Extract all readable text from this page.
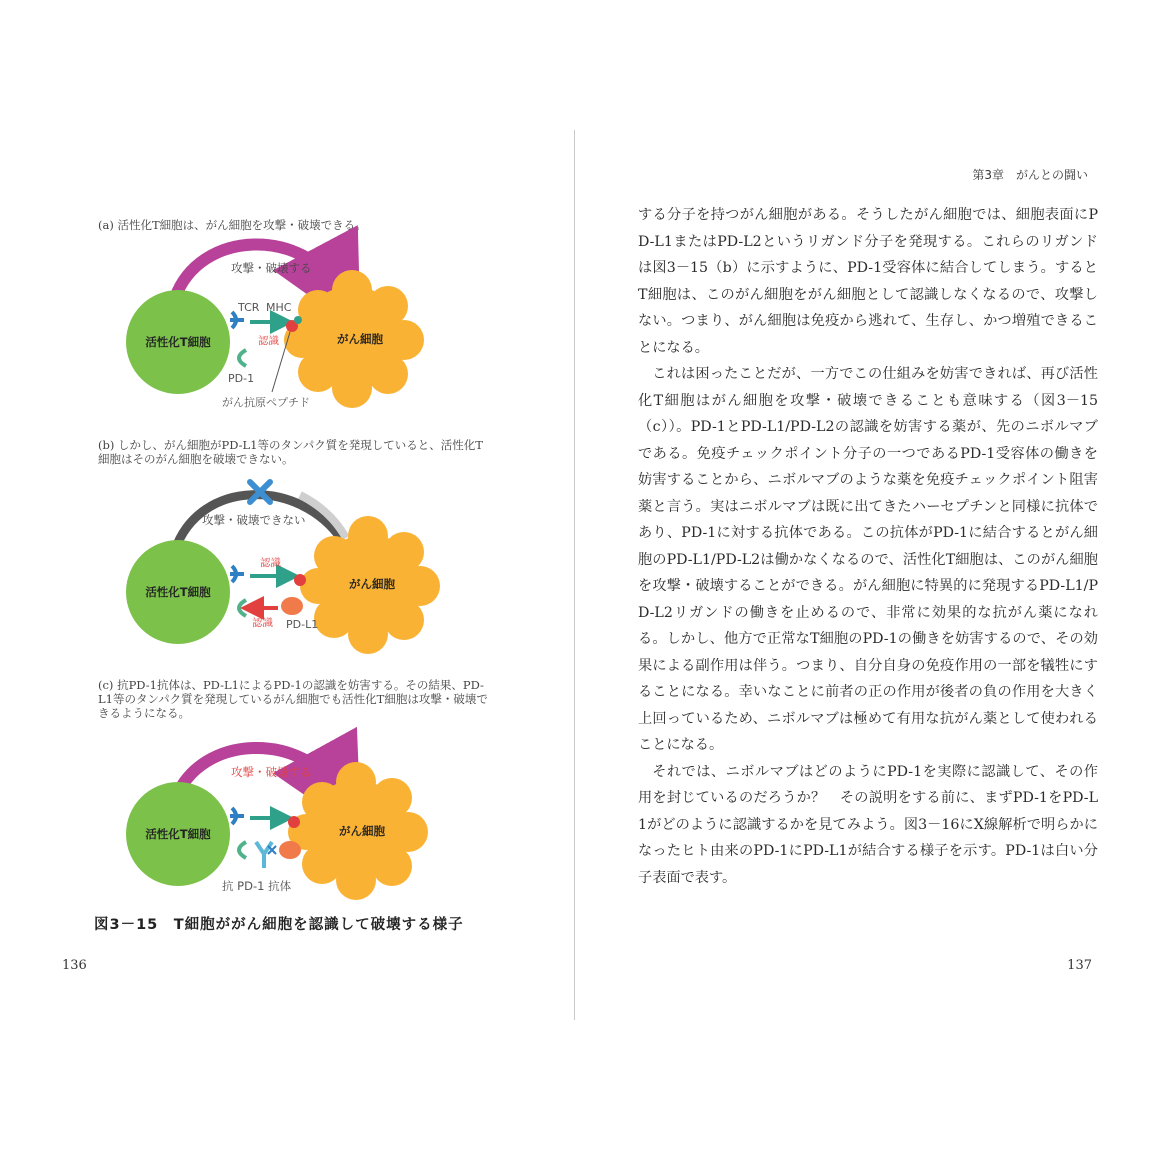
(a) 活性化T細胞は、がん細胞を攻撃・破壊できる。
(b) しかし、がん細胞がPD-L1等のタンパク質を発現していると、活性化T細胞はそのがん細胞を破壊できない。
(c) 抗PD-1抗体は、PD-L1によるPD-1の認識を妨害する。その結果、PD-L1等のタンパク質を発現しているがん細胞でも活性化T細胞は攻撃・破壊できるようになる。
攻撃・破壊する
活性化T細胞	がん細胞
TCR MHC
認識
PD-1
がん抗原ペプチド
攻撃・破壊できない
活性化T細胞
がん細胞
認識
認識 PD-L1
攻撃・破壊する
活性化T細胞	がん細胞
抗 PD-1 抗体
図3－15　T細胞ががん細胞を認識して破壊する様子
136
第3章　がんとの闘い

する分子を持つがん細胞がある。そうしたがん細胞では、細胞表面にPD-L1またはPD-L2というリガンド分子を発現する。これらのリガンドは図3－15（b）に示すように、PD-1受容体に結合してしまう。するとT細胞は、このがん細胞をがん細胞として認識しなくなるので、攻撃しない。つまり、がん細胞は免疫から逃れて、生存し、かつ増殖できることになる。

これは困ったことだが、一方でこの仕組みを妨害できれば、再び活性化T細胞はがん細胞を攻撃・破壊できることも意味する（図3－15（c））。PD-1とPD-L1/PD-L2の認識を妨害する薬が、先のニボルマブである。免疫チェックポイント分子の一つであるPD-1受容体の働きを妨害することから、ニボルマブのような薬を免疫チェックポイント阻害薬と言う。実はニボルマブは既に出てきたハーセプチンと同様に抗体であり、PD-1に対する抗体である。この抗体がPD-1に結合するとがん細胞のPD-L1/PD-L2は働かなくなるので、活性化T細胞は、このがん細胞を攻撃・破壊することができる。がん細胞に特異的に発現するPD-L1/PD-L2リガンドの働きを止めるので、非常に効果的な抗がん薬になれる。しかし、他方で正常なT細胞のPD-1の働きを妨害するので、その効果による副作用は伴う。つまり、自分自身の免疫作用の一部を犠牲にすることになる。幸いなことに前者の正の作用が後者の負の作用を大きく上回っているため、ニボルマブは極めて有用な抗がん薬として使われることになる。

それでは、ニボルマブはどのようにPD-1を実際に認識して、その作用を封じているのだろうか？　その説明をする前に、まずPD-1をPD-L1がどのように認識するかを見てみよう。図3－16にX線解析で明らかになったヒト由来のPD-1にPD-L1が結合する様子を示す。PD-1は白い分子表面で表す。

137
